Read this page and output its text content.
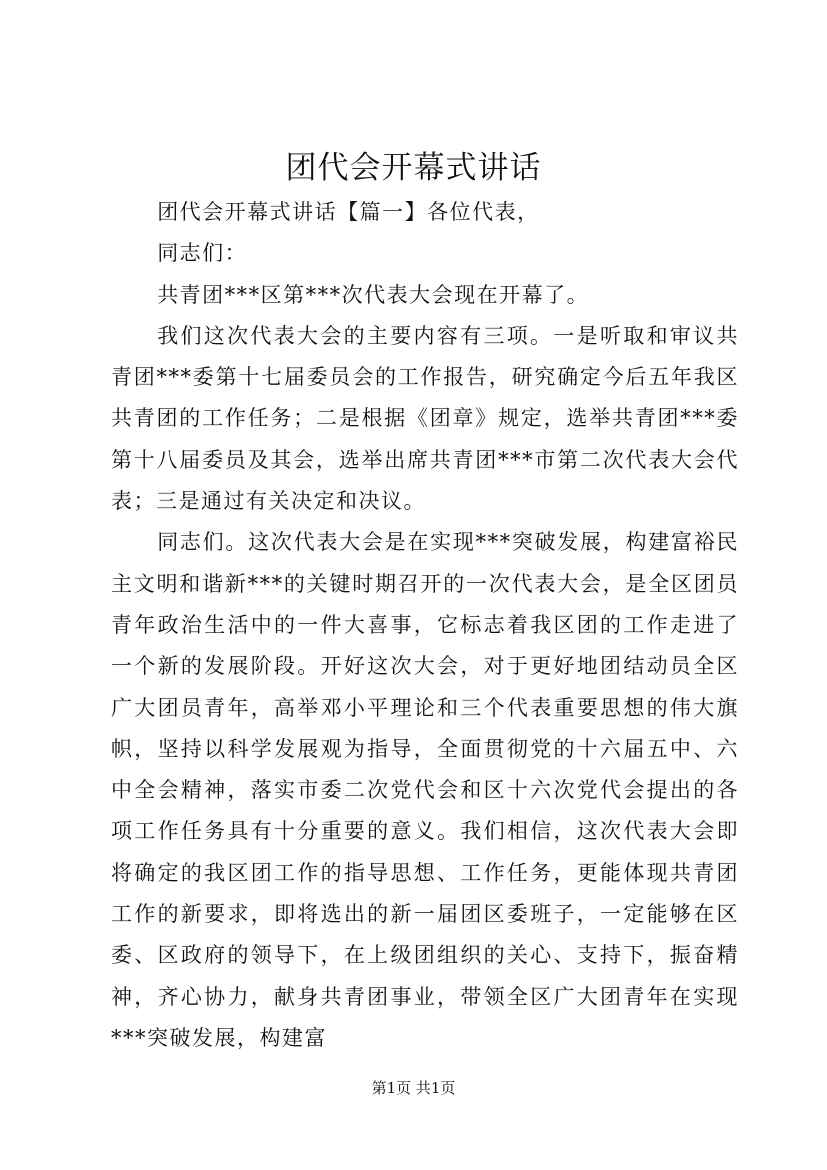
团代会开幕式讲话

团代会开幕式讲话【篇一】各位代表，

同志们：

共青团***区第***次代表大会现在开幕了。

我们这次代表大会的主要内容有三项。一是听取和审议共青团***委第十七届委员会的工作报告，研究确定今后五年我区共青团的工作任务；二是根据《团章》规定，选举共青团***委第十八届委员及其会，选举出席共青团***市第二次代表大会代表；三是通过有关决定和决议。

同志们。这次代表大会是在实现***突破发展，构建富裕民主文明和谐新***的关键时期召开的一次代表大会，是全区团员青年政治生活中的一件大喜事，它标志着我区团的工作走进了一个新的发展阶段。开好这次大会，对于更好地团结动员全区广大团员青年，高举邓小平理论和三个代表重要思想的伟大旗帜，坚持以科学发展观为指导，全面贯彻党的十六届五中、六中全会精神，落实市委二次党代会和区十六次党代会提出的各项工作任务具有十分重要的意义。我们相信，这次代表大会即将确定的我区团工作的指导思想、工作任务，更能体现共青团工作的新要求，即将选出的新一届团区委班子，一定能够在区委、区政府的领导下，在上级团组织的关心、支持下，振奋精神，齐心协力，献身共青团事业，带领全区广大团青年在实现***突破发展，构建富

第1页 共1页
